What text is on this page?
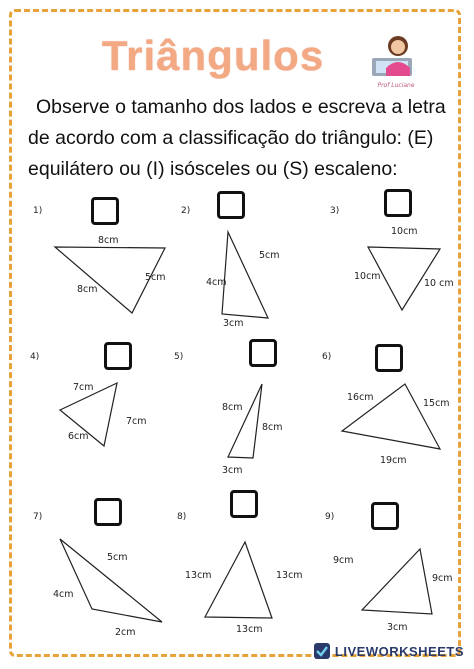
Triângulos
Prof Luciane
Observe o tamanho dos lados e escreva a letra
de acordo com a classificação do triângulo: (E)
equilátero ou (I) isósceles ou (S) escaleno:
1)	2)	3)
4)	5)	6)
7)	8)	9)
8cm
5cm
8cm
5cm
4cm
3cm
10cm
10cm
10 cm
7cm
7cm
6cm
8cm
8cm
3cm
16cm
15cm
19cm
5cm
4cm
2cm
13cm	13cm
13cm
9cm
9cm
3cm
LIVEWORKSHEETS
